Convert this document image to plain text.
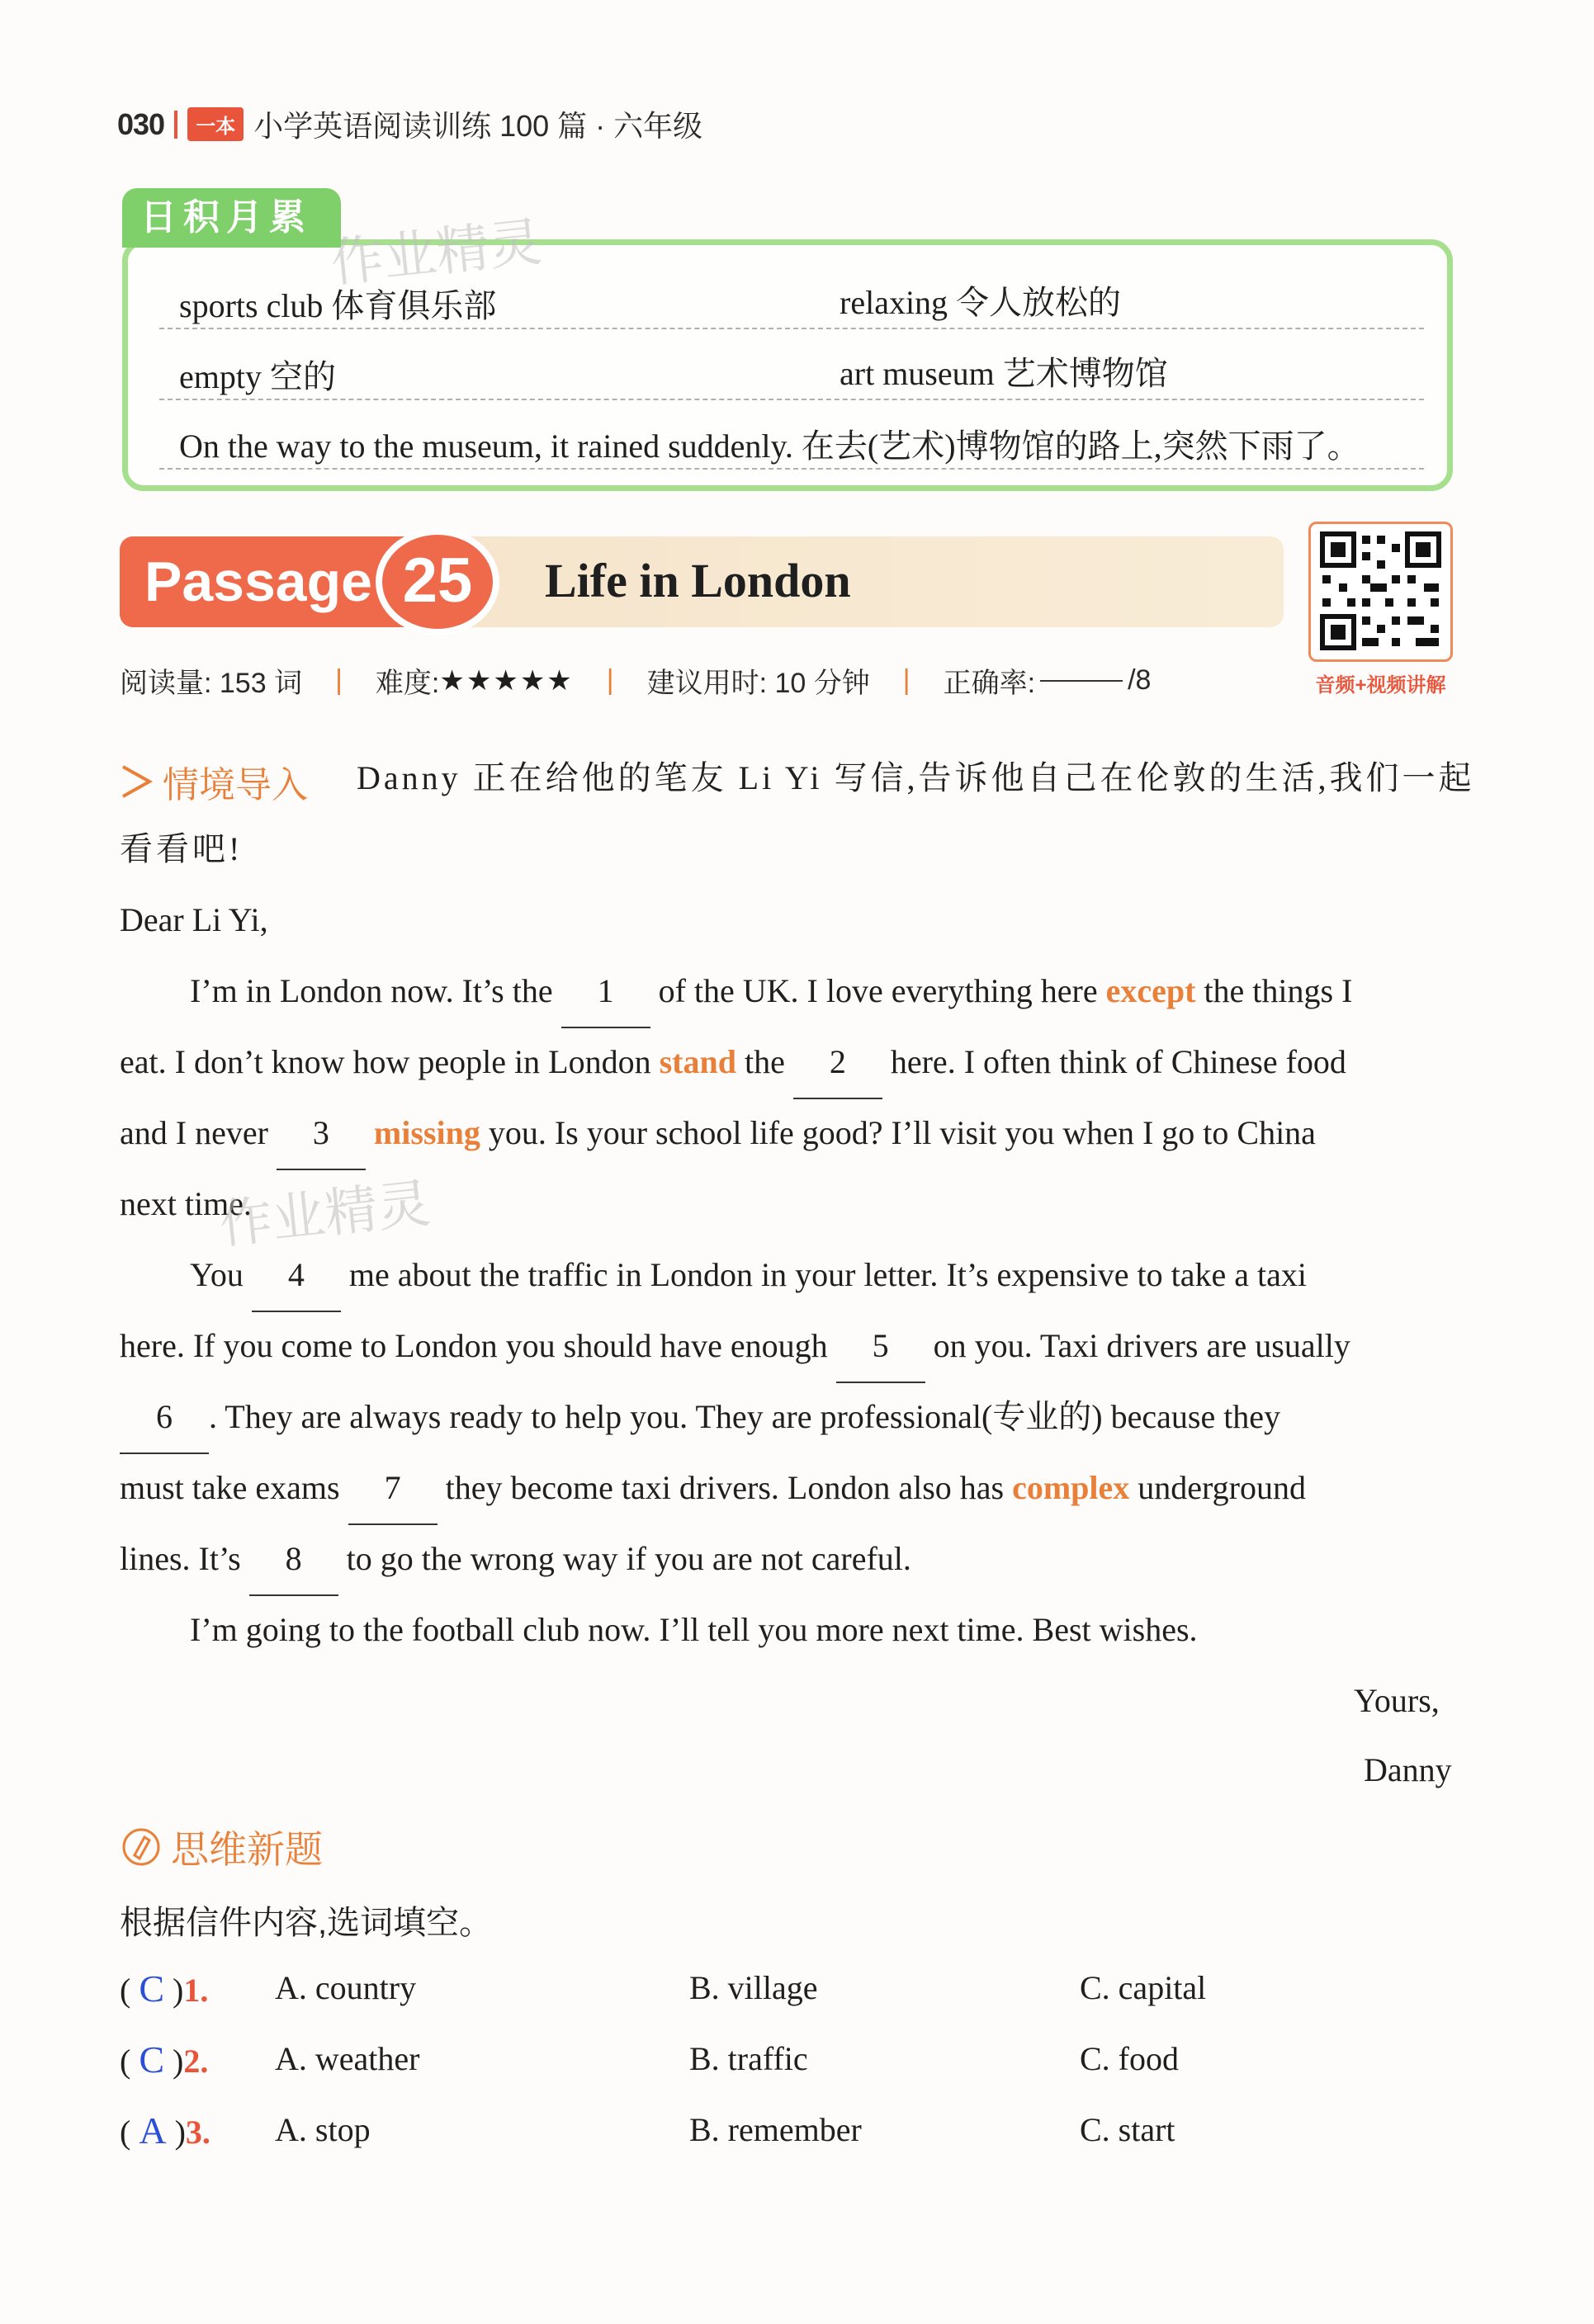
030	一本 小学英语阅读训练 100 篇 · 六年级
sports club 体育俱乐部	relaxing 令人放松的
empty 空的	art museum 艺术博物馆
On the way to the museum, it rained suddenly. 在去(艺术)博物馆的路上,突然下雨了。
日积月累 作业精灵
Passage 25	Life in London
音频+视频讲解
阅读量: 153 词 | 难度: ★★★★★ | 建议用时: 10 分钟 | 正确率:	/8
情境导入 Danny 正在给他的笔友 Li Yi 写信,告诉他自己在伦敦的生活,我们一起
看看吧!
Dear Li Yi,
I’m in London now. It’s the 1 of the UK. I love everything here except the things I
eat. I don’t know how people in London stand the 2 here. I often think of Chinese food
and I never 3 missing you. Is your school life good? I’ll visit you when I go to China
next time.
作业精灵
You 4 me about the traffic in London in your letter. It’s expensive to take a taxi
here. If you come to London you should have enough 5 on you. Taxi drivers are usually
6 . They are always ready to help you. They are professional(专业的) because they
must take exams 7 they become taxi drivers. London also has complex underground
lines. It’s 8 to go the wrong way if you are not careful.
I’m going to the football club now. I’ll tell you more next time. Best wishes.
Yours,
Danny
思维新题
根据信件内容,选词填空。
( C )1. A. country	B. village	C. capital
( C )2. A. weather	B. traffic	C. food
( A )3. A. stop	B. remember	C. start
